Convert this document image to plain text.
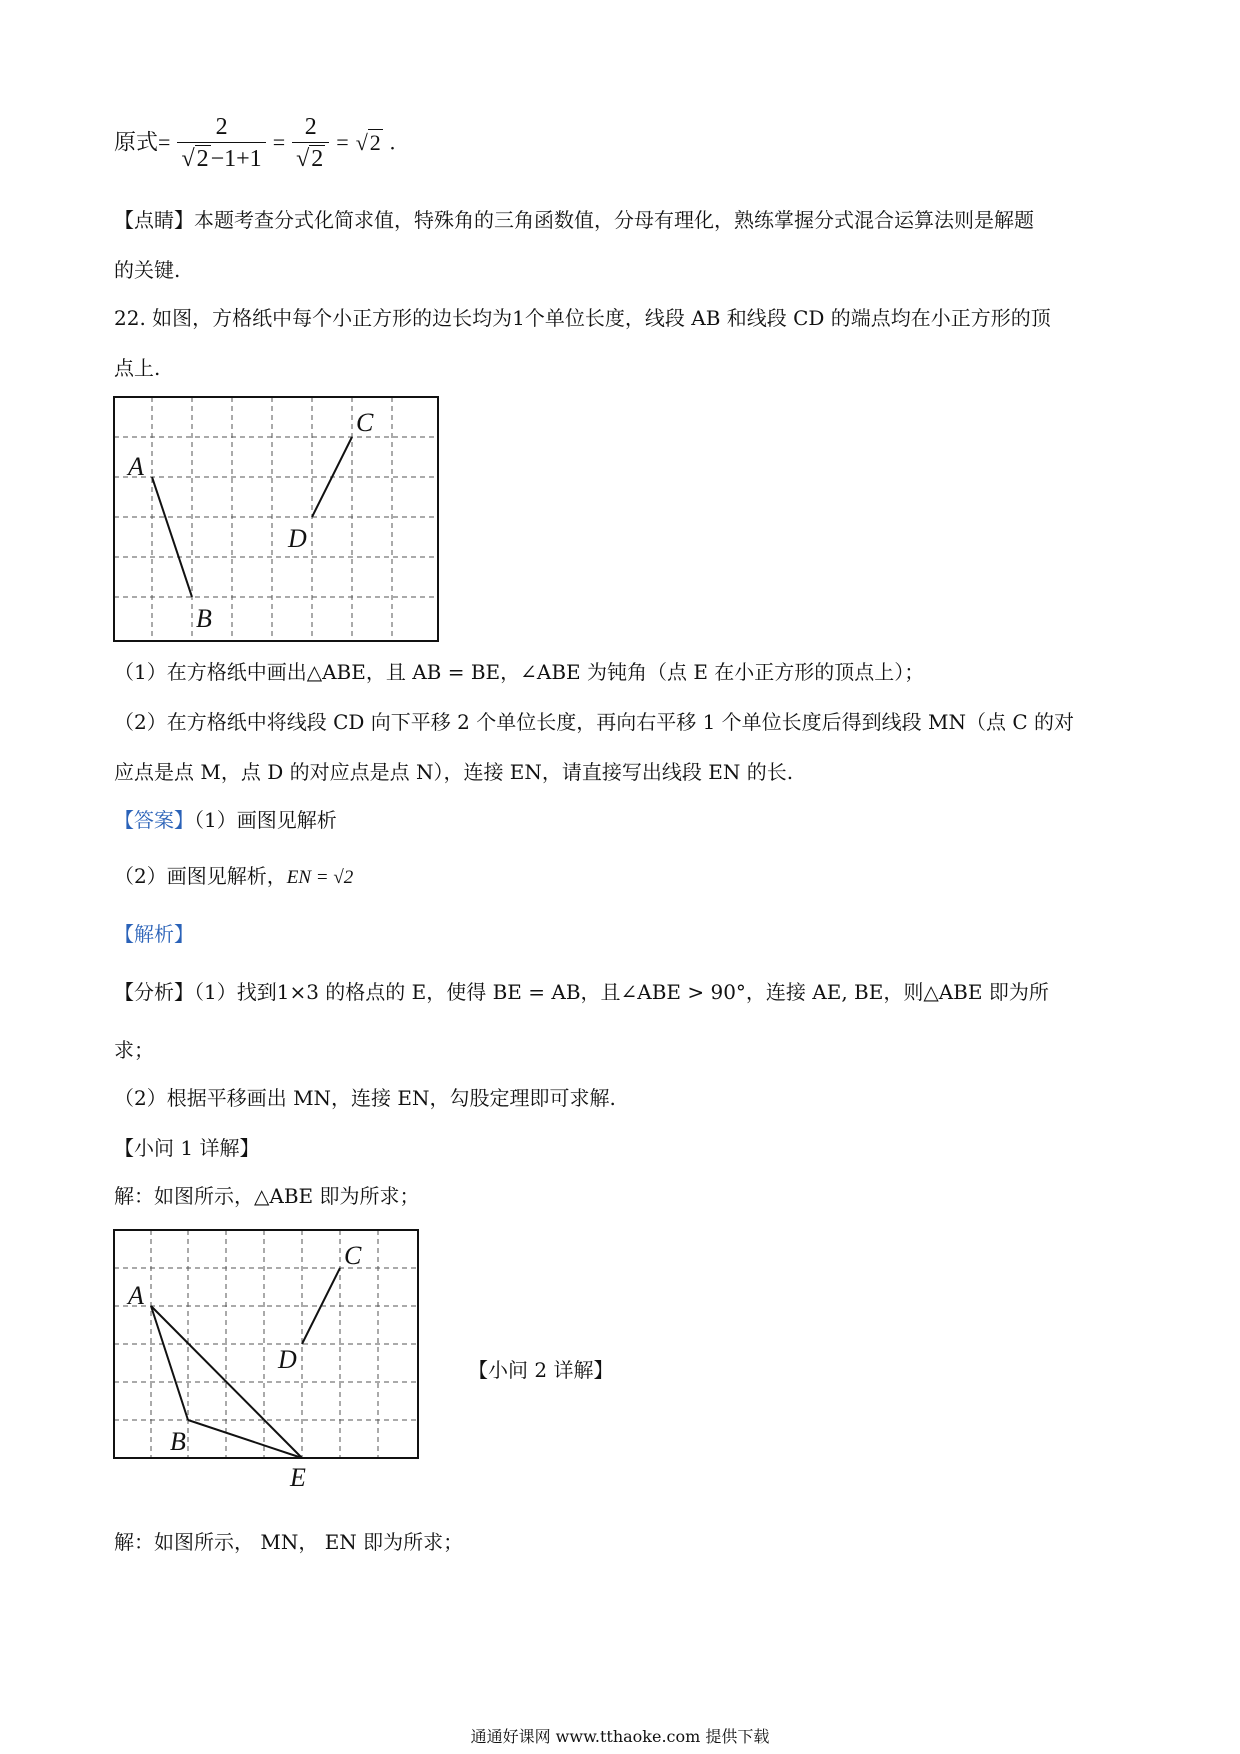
原式= $\frac{2}{√2-1+1} = \frac{2}{√2} = √2$ .
【点睛】本题考查分式化简求值，特殊角的三角函数值，分母有理化，熟练掌握分式混合运算法则是解题
的关键.
22. 如图，方格纸中每个小正方形的边长均为1个单位长度，线段 AB 和线段 CD 的端点均在小正方形的顶
点上.
A
B
C
D
（1）在方格纸中画出△ABE，且 AB = BE，∠ABE 为钝角（点 E 在小正方形的顶点上）；
（2）在方格纸中将线段 CD 向下平移 2 个单位长度，再向右平移 1 个单位长度后得到线段 MN（点 C 的对
应点是点 M，点 D 的对应点是点 N），连接 EN，请直接写出线段 EN 的长.
【答案】（1）画图见解析
（2）画图见解析，EN = √2
【解析】
【分析】（1）找到1×3 的格点的 E，使得 BE = AB，且∠ABE > 90°，连接 AE, BE，则△ABE 即为所
求；
（2）根据平移画出 MN，连接 EN，勾股定理即可求解.
【小问 1 详解】
解：如图所示，△ABE 即为所求；
A
B
C
D
E
【小问 2 详解】
解：如图所示， MN， EN 即为所求；
通通好课网 www.tthaoke.com 提供下载
